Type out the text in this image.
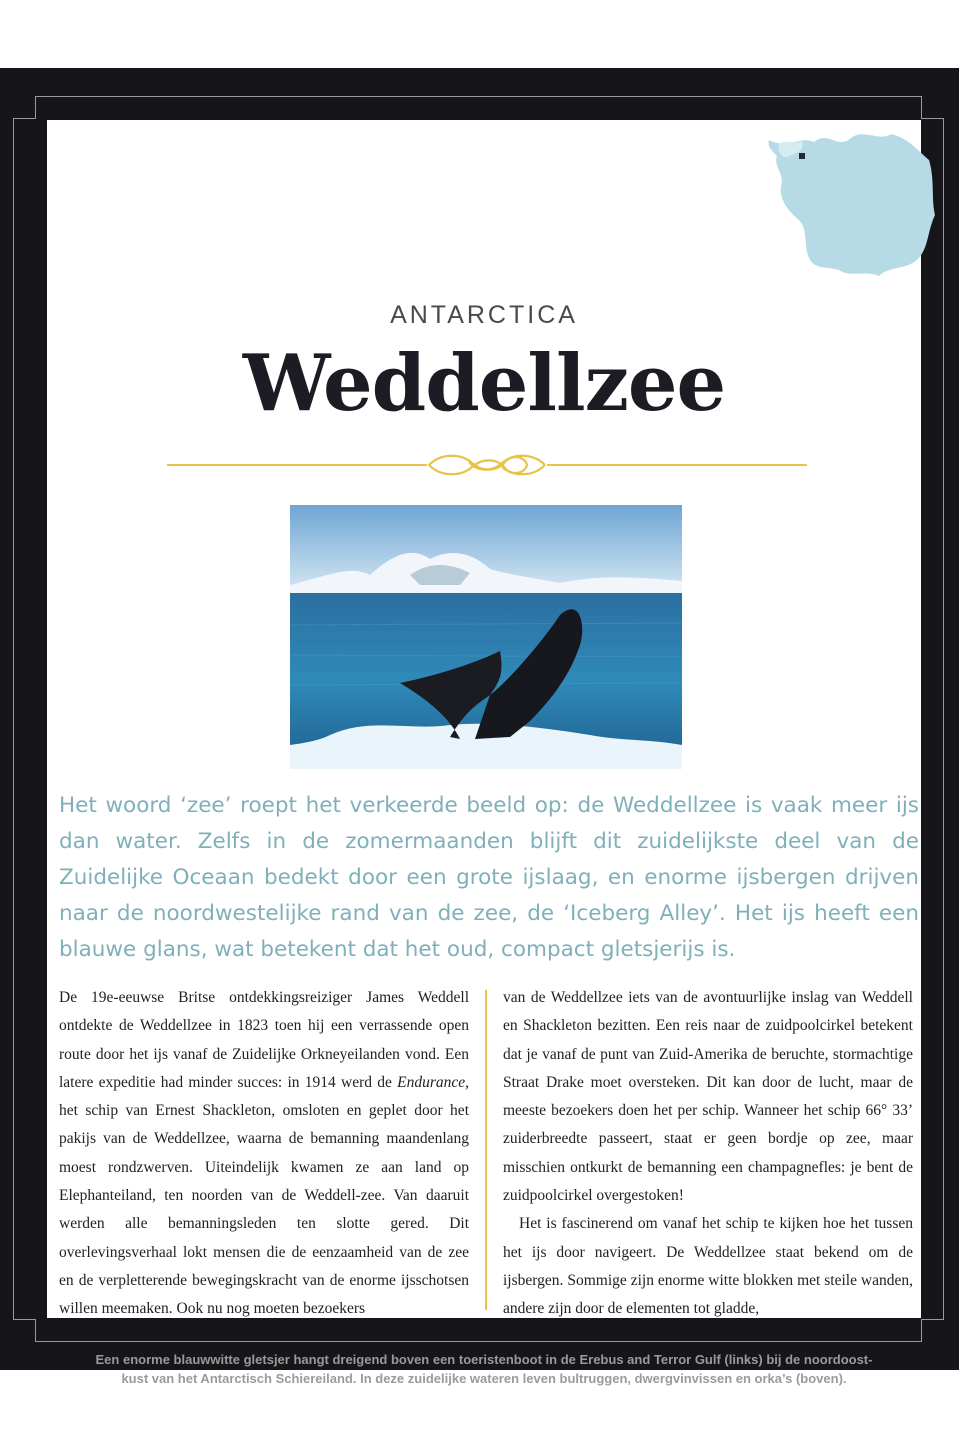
ANTARCTICA
Weddellzee
Het woord ‘zee’ roept het verkeerde beeld op: de Weddellzee is vaak meer ijs dan water. Zelfs in de zomermaanden blijft dit zuidelijkste deel van de Zuidelijke Oceaan bedekt door een grote ijslaag, en enorme ijsbergen drijven naar de noordwestelijke rand van de zee, de ‘Iceberg Alley’. Het ijs heeft een blauwe glans, wat betekent dat het oud, compact gletsjerijs is.

De 19e-eeuwse Britse ontdekkingsreiziger James Weddell ontdekte de Weddellzee in 1823 toen hij een verrassende open route door het ijs vanaf de Zuidelijke Orkneyeilanden vond. Een latere expeditie had minder succes: in 1914 werd de Endurance, het schip van Ernest Shackleton, omsloten en geplet door het pakijs van de Weddellzee, waarna de bemanning maandenlang moest rondzwerven. Uiteindelijk kwamen ze aan land op Elephanteiland, ten noorden van de Weddell-zee. Van daaruit werden alle bemanningsleden ten slotte gered. Dit overlevingsverhaal lokt mensen die de eenzaamheid van de zee en de verpletterende bewegingskracht van de enorme ijsschotsen willen meemaken. Ook nu nog moeten bezoekers

van de Weddellzee iets van de avontuurlijke inslag van Weddell en Shackleton bezitten. Een reis naar de zuidpoolcirkel betekent dat je vanaf de punt van Zuid-Amerika de beruchte, stormachtige Straat Drake moet oversteken. Dit kan door de lucht, maar de meeste bezoekers doen het per schip. Wanneer het schip 66° 33’ zuiderbreedte passeert, staat er geen bordje op zee, maar misschien ontkurkt de bemanning een champagnefles: je bent de zuidpoolcirkel overgestoken!

Het is fascinerend om vanaf het schip te kijken hoe het tussen het ijs door navigeert. De Weddellzee staat bekend om de ijsbergen. Sommige zijn enorme witte blokken met steile wanden, andere zijn door de elementen tot gladde,

Een enorme blauwwitte gletsjer hangt dreigend boven een toeristenboot in de Erebus and Terror Gulf (links) bij de noordoost-
kust van het Antarctisch Schiereiland. In deze zuidelijke wateren leven bultruggen, dwergvinvissen en orka’s (boven).
